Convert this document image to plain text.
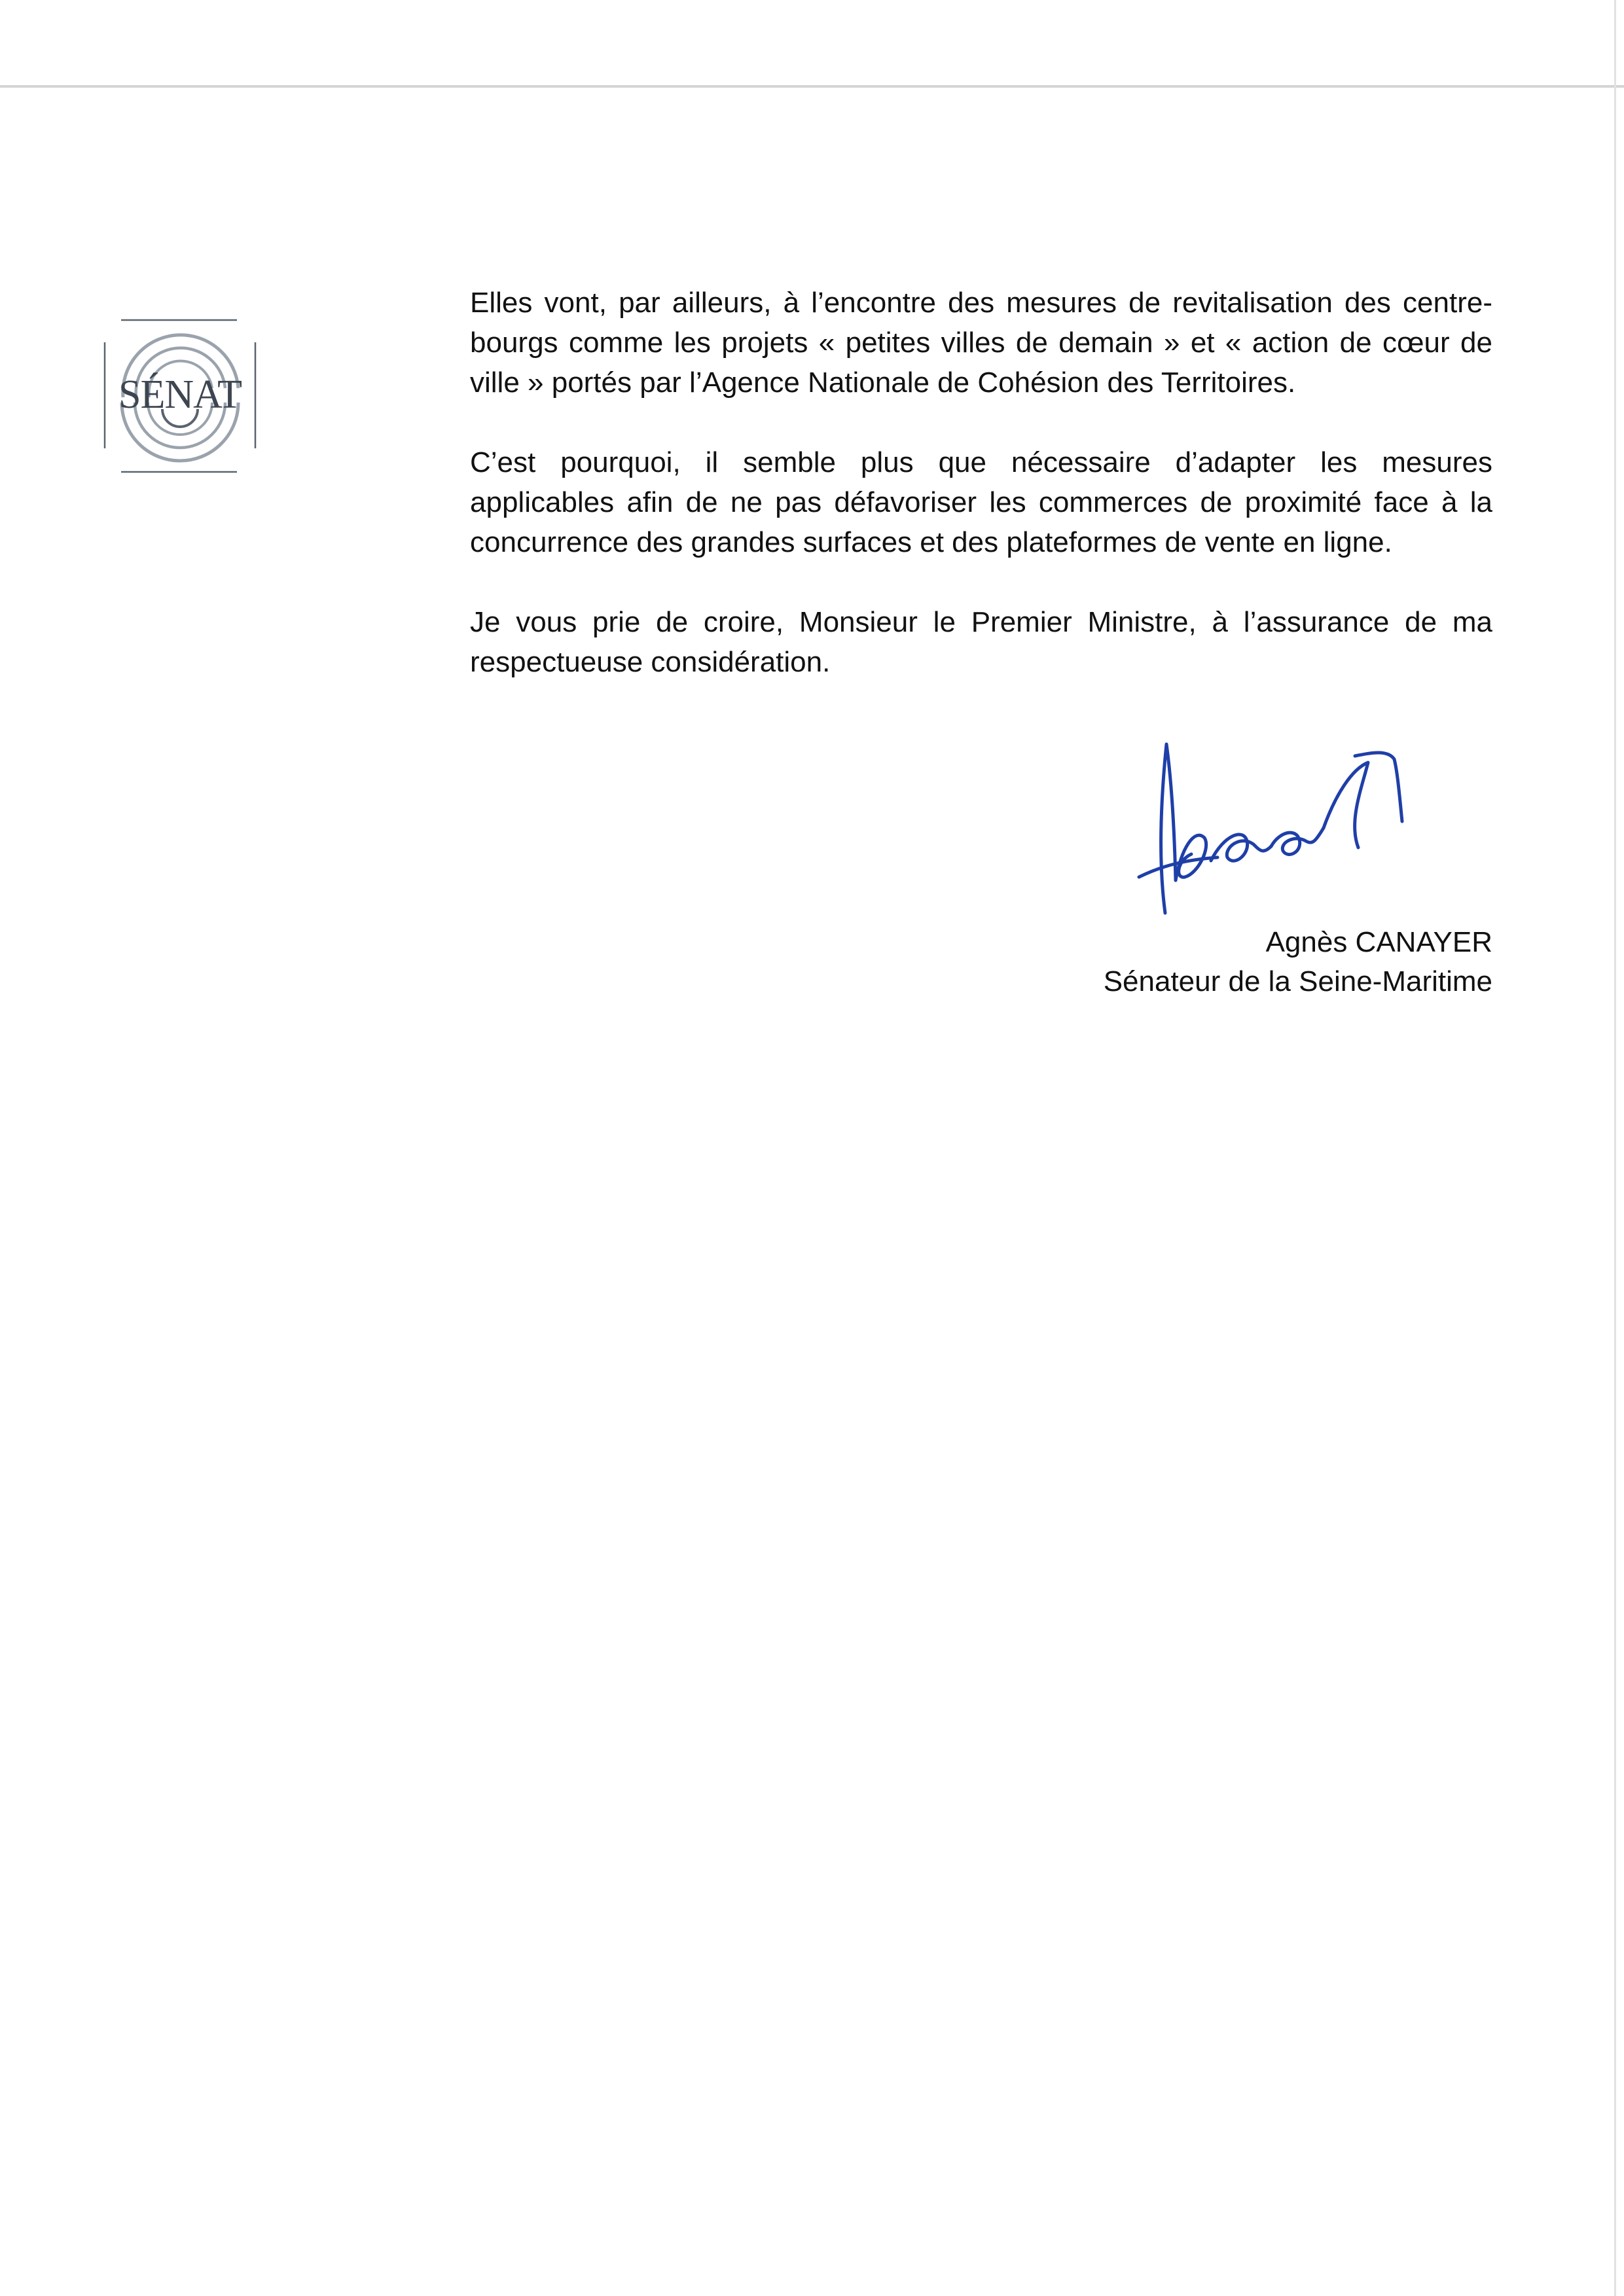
SÉNAT

Elles vont, par ailleurs, à l’encontre des mesures de revitalisation des centre-bourgs comme les projets « petites villes de demain » et « action de cœur de ville » portés par l’Agence Nationale de Cohésion des Territoires.

C’est pourquoi, il semble plus que nécessaire d’adapter les mesures applicables afin de ne pas défavoriser les commerces de proximité face à la concurrence des grandes surfaces et des plateformes de vente en ligne.

Je vous prie de croire, Monsieur le Premier Ministre, à l’assurance de ma respectueuse considération.

Agnès CANAYER
Sénateur de la Seine-Maritime
